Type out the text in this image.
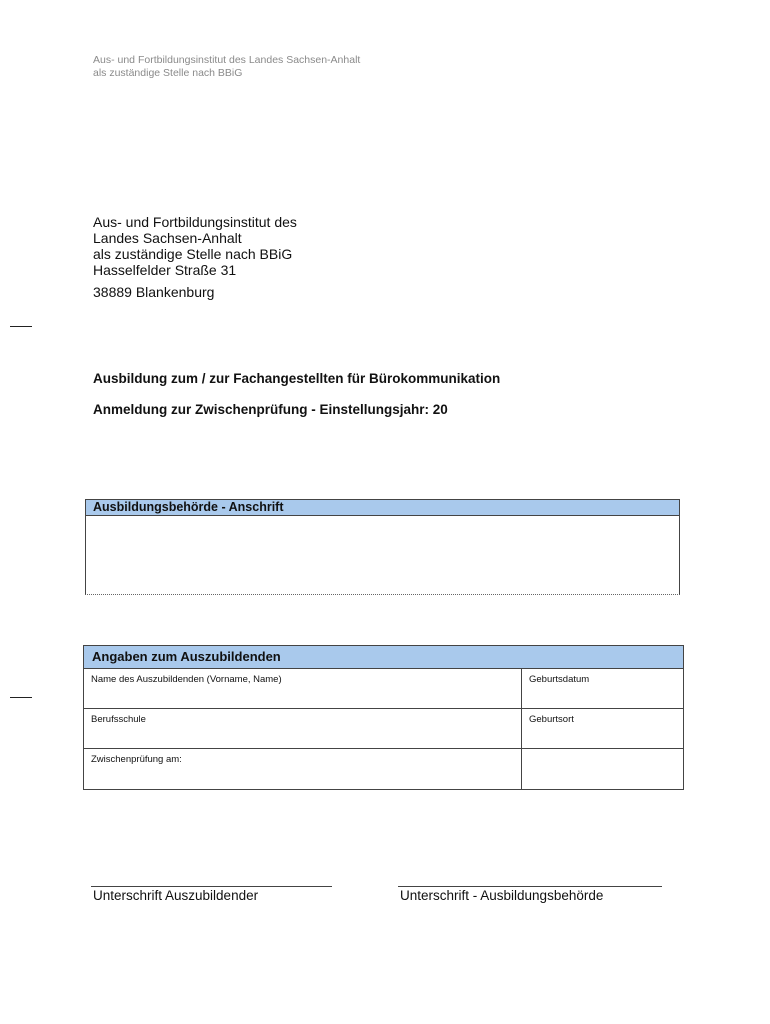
Aus- und Fortbildungsinstitut des Landes Sachsen-Anhalt
als zuständige Stelle nach BBiG
Aus- und Fortbildungsinstitut des
Landes Sachsen-Anhalt
als zuständige Stelle nach BBiG
Hasselfelder Straße 31
38889 Blankenburg
Ausbildung zum / zur Fachangestellten für Bürokommunikation
Anmeldung zur Zwischenprüfung - Einstellungsjahr: 20
Ausbildungsbehörde - Anschrift
Angaben zum Auszubildenden
Name des Auszubildenden (Vorname, Name)	Geburtsdatum
Berufsschule	Geburtsort
Zwischenprüfung am:
Unterschrift Auszubildender	Unterschrift - Ausbildungsbehörde
